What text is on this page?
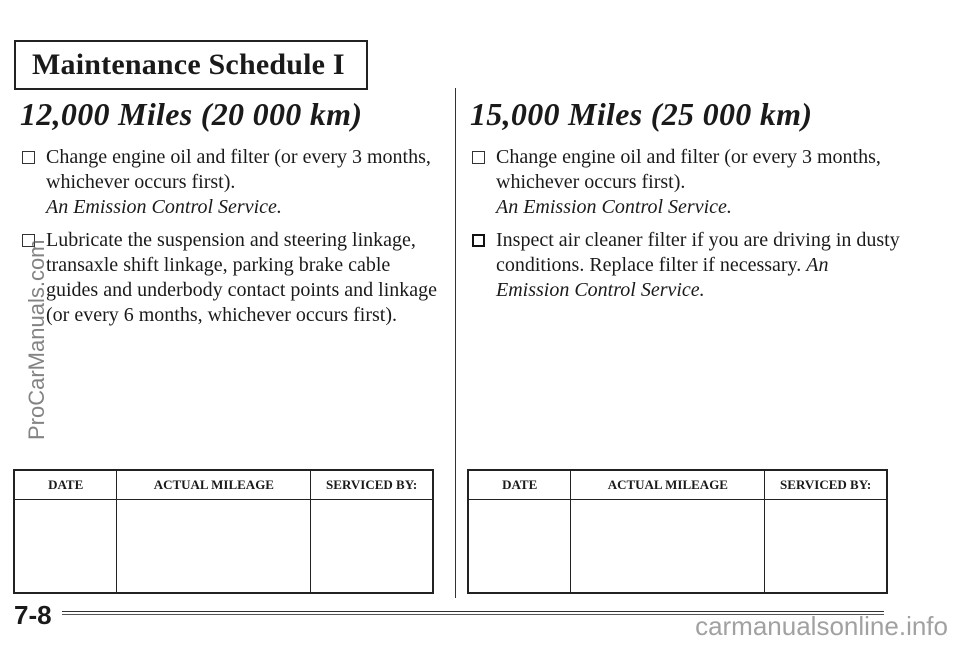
Maintenance Schedule I
12,000 Miles (20 000 km)
Change engine oil and filter (or every 3 months, whichever occurs first).
An Emission Control Service.
Lubricate the suspension and steering linkage, transaxle shift linkage, parking brake cable guides and underbody contact points and linkage (or every 6 months, whichever occurs first).
15,000 Miles (25 000 km)
Change engine oil and filter (or every 3 months, whichever occurs first).
An Emission Control Service.
Inspect air cleaner filter if you are driving in dusty conditions. Replace filter if necessary. An Emission Control Service.
DATE	ACTUAL MILEAGE	SERVICED BY:
			DATE	ACTUAL MILEAGE	SERVICED BY:

7-8
ProCarManuals.com
carmanualsonline.info
